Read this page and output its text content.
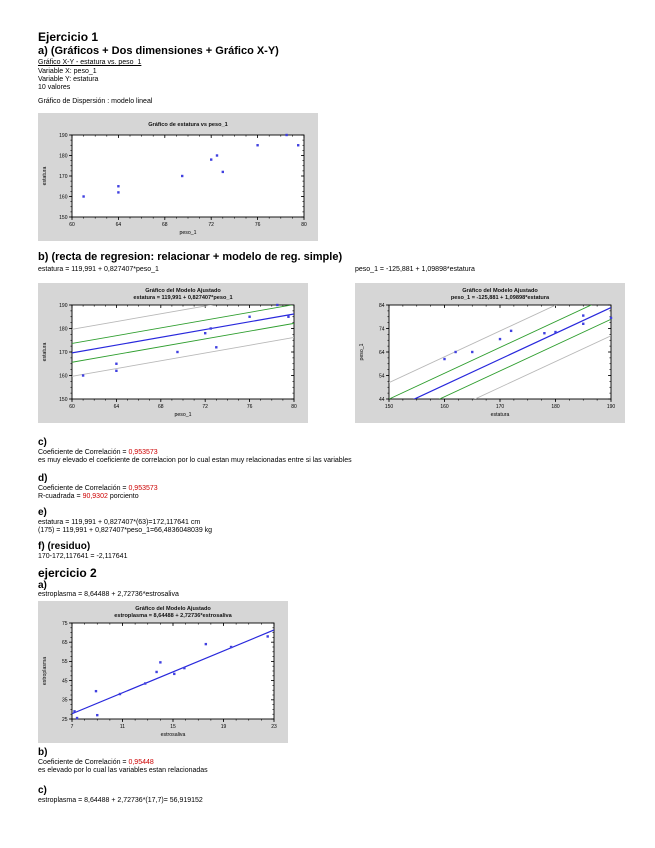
Ejercicio 1
a) (Gráficos + Dos dimensiones + Gráfico X-Y)
Gráfico X-Y - estatura vs. peso_1
Variable X: peso_1
Variable Y: estatura
10 valores
Gráfico de Dispersión : modelo lineal
Gráfico de estatura vs peso_1
60	64	68	72	76	80
150
160
170
180
190
peso_1
estatura
b) (recta de regresion: relacionar + modelo de reg. simple)
estatura = 119,991 + 0,827407*peso_1	peso_1 = -125,881 + 1,09898*estatura
Gráfico del Modelo Ajustado
estatura = 119,991 + 0,827407*peso_1
60	64	68	72	76	80
150
160
170
180
190
peso_1
estatura
Gráfico del Modelo Ajustado
peso_1 = -125,881 + 1,09898*estatura
150	160	170	180	190
44
54
64
74
84
estatura
peso_1
c)
Coeficiente de Correlación = 0,953573
es muy elevado el coeficiente de correlacion por lo cual estan muy relacionadas entre si las variables
d)
Coeficiente de Correlación = 0,953573
R-cuadrada = 90,9302 porciento
e)
estatura = 119,991 + 0,827407*(63)=172,117641 cm
(175) = 119,991 + 0,827407*peso_1=66,4836048039 kg
f) (residuo)
170-172,117641 = -2,117641
ejercicio 2
a)
estroplasma = 8,64488 + 2,72736*estrosaliva
Gráfico del Modelo Ajustado
estroplasma = 8,64488 + 2,72736*estrosaliva
7	11	15	19	23
25
35
45
55
65
75
estrosaliva
estroplasma
b)
Coeficiente de Correlación = 0,95448
es elevado por lo cual las variables estan relacionadas
c)
estroplasma = 8,64488 + 2,72736*(17,7)= 56,919152
